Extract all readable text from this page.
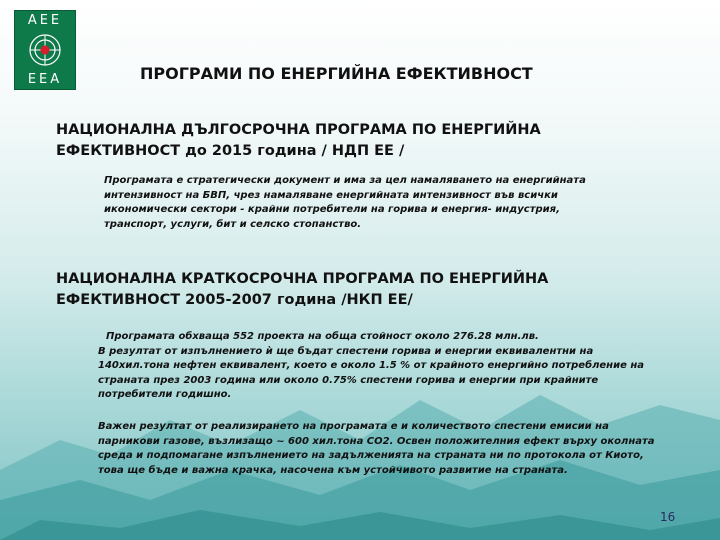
AEE
EEA	ПРОГРАМИ ПО ЕНЕРГИЙНА ЕФЕКТИВНОСТ

НАЦИОНАЛНА ДЪЛГОСРОЧНА ПРОГРАМА ПО ЕНЕРГИЙНА

ЕФЕКТИВНОСТ до 2015 година / НДП ЕЕ /

Програмата е стратегически документ и има за цел намаляването на енергийната

интензивност на БВП, чрез намаляване енергийната интензивност във всички

икономически сектори - крайни потребители на горива и енергия- индустрия,

транспорт, услуги, бит и селско стопанство.

НАЦИОНАЛНА КРАТКОСРОЧНА ПРОГРАМА ПО ЕНЕРГИЙНА

ЕФЕКТИВНОСТ 2005-2007 година /НКП ЕЕ/

Програмата обхваща 552 проекта на обща стойност около 276.28 млн.лв.

В резултат от изпълнението ѝ ще бъдат спестени горива и енергии еквивалентни на

140хил.тона нефтен еквивалент, което е около 1.5 % от крайното енергийно потребление на

страната през 2003 година или около 0.75% спестени горива и енергии при крайните

потребители годишно.

Важен резултат от реализирането на програмата е и количеството спестени емисии на

парникови газове, възлизащо ~ 600 хил.тона СО2. Освен положителния ефект върху околната

среда и подпомагане изпълнението на задълженията на страната ни по протокола от Киото,

това ще бъде и важна крачка, насочена към устойчивото развитие на страната.

16
